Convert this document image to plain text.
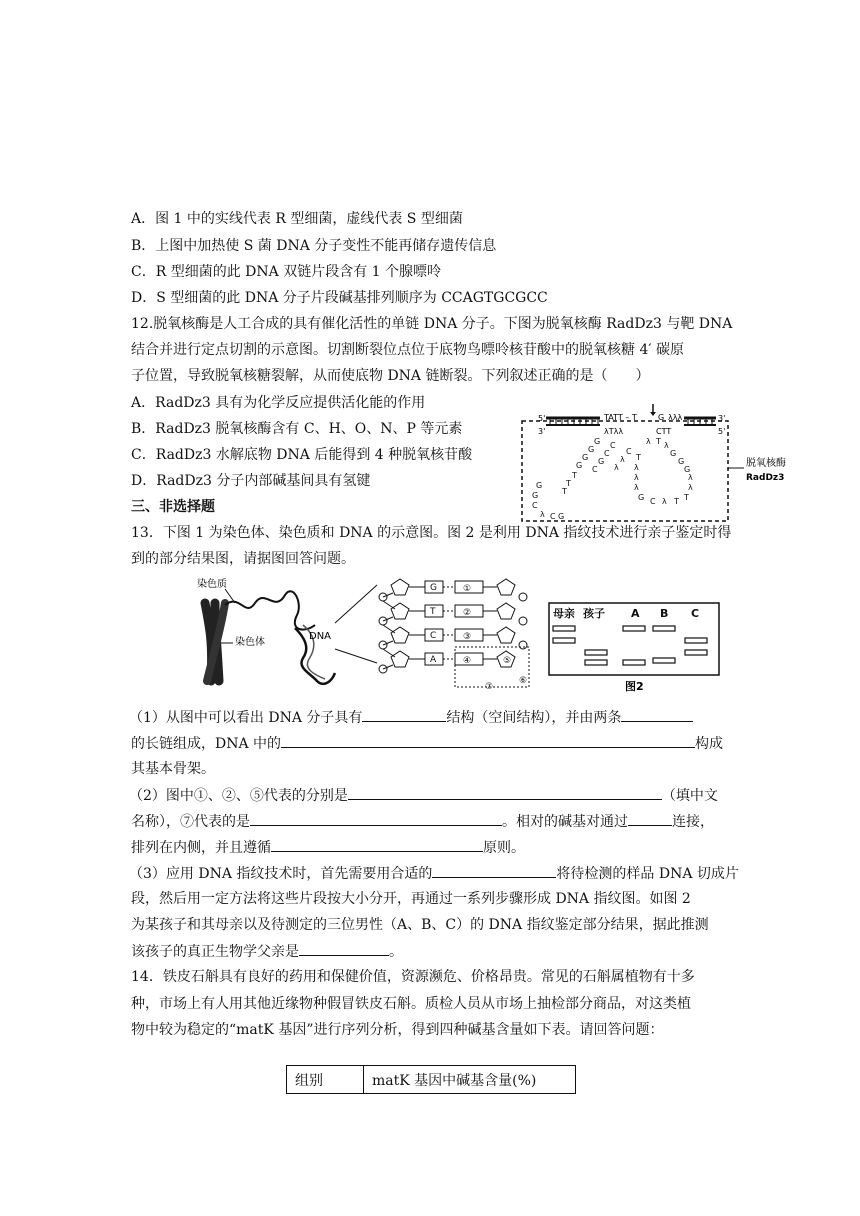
A．图 1 中的实线代表 R 型细菌，虚线代表 S 型细菌
B．上图中加热使 S 菌 DNA 分子变性不能再储存遗传信息
C．R 型细菌的此 DNA 双链片段含有 1 个腺嘌呤
D．S 型细菌的此 DNA 分子片段碱基排列顺序为 CCAGTGCGCC
12.脱氧核酶是人工合成的具有催化活性的单链 DNA 分子。下图为脱氧核酶 RadDz3 与靶 DNA
结合并进行定点切割的示意图。切割断裂位点位于底物鸟嘌呤核苷酸中的脱氧核糖 4′ 碳原
子位置，导致脱氧核糖裂解，从而使底物 DNA 链断裂。下列叙述正确的是（　　）
A．RadDz3 具有为化学反应提供活化能的作用
B．RadDz3 脱氧核酶含有 C、H、O、N、P 等元素
C．RadDz3 水解底物 DNA 后能得到 4 种脱氧核苷酸
D．RadDz3 分子内部碱基间具有氢键
5'	TATT – T	G λλλ	3'
3'	λTλλ	CTT	5'
G
G
G
G
C
C
G
C
C
λ
λ
T
T
T
G
G
C
λ C G
λ
G
G
G
λ
λ
T
T
λ
λ
λ
G C λ T
λ T
脱氧核酶
RadDz3
三、非选择题
13．下图 1 为染色体、染色质和 DNA 的示意图。图 2 是利用 DNA 指纹技术进行亲子鉴定时得
到的部分结果图，请据图回答问题。
染色质
染色体
DNA
G
T
C
A
①
②
③
④	⑤
⑥
⑦
母亲 孩子 A B C
图2
（1）从图中可以看出 DNA 分子具有	结构（空间结构），并由两条
的长链组成，DNA 中的	构成
其基本骨架。
（2）图中①、②、⑤代表的分别是	（填中文
名称），⑦代表的是	。相对的碱基对通过	连接，
排列在内侧，并且遵循	原则。
（3）应用 DNA 指纹技术时，首先需要用合适的	将待检测的样品 DNA 切成片
段，然后用一定方法将这些片段按大小分开，再通过一系列步骤形成 DNA 指纹图。如图 2
为某孩子和其母亲以及待测定的三位男性（A、B、C）的 DNA 指纹鉴定部分结果，据此推测
该孩子的真正生物学父亲是	。
14．铁皮石斛具有良好的药用和保健价值，资源濒危、价格昂贵。常见的石斛属植物有十多
种，市场上有人用其他近缘物种假冒铁皮石斛。质检人员从市场上抽检部分商品，对这类植
物中较为稳定的“matK 基因”进行序列分析，得到四种碱基含量如下表。请回答问题：
组别	matK 基因中碱基含量(%)
